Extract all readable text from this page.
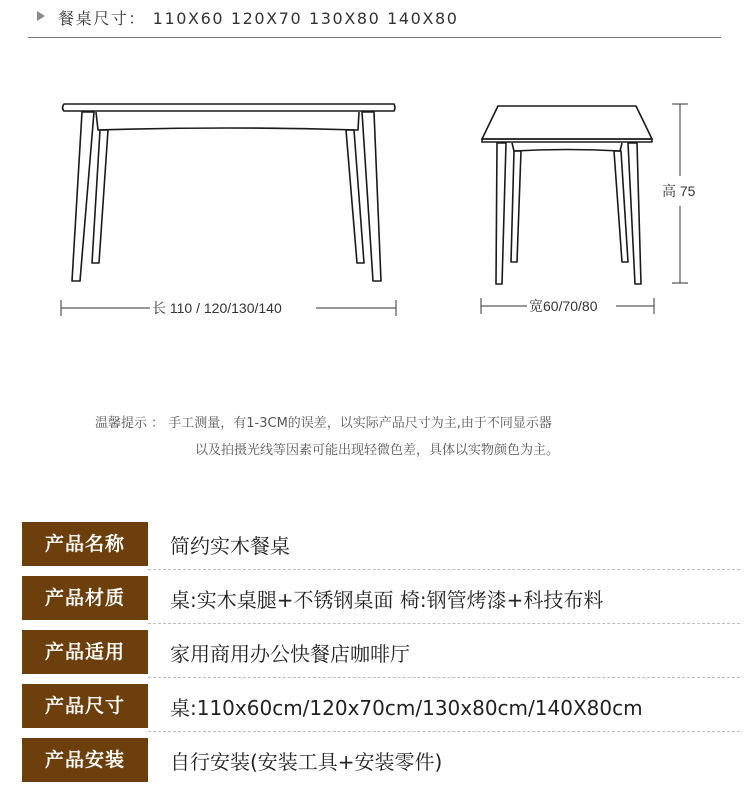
餐桌尺寸： 110X60 120X70 130X80 140X80
长 110 / 120/130/140	宽60/70/80
高 75
温馨提示 ： 手工测量，有1-3CM的误差，以实际产品尺寸为主,由于不同显示器
以及拍摄光线等因素可能出现轻微色差，具体以实物颜色为主。
产品名称	简约实木餐桌
产品材质	桌:实木桌腿+不锈钢桌面 椅:钢管烤漆+科技布料
产品适用	家用商用办公快餐店咖啡厅
产品尺寸	桌:110x60cm/120x70cm/130x80cm/140X80cm
产品安装	自行安装(安装工具+安装零件)
